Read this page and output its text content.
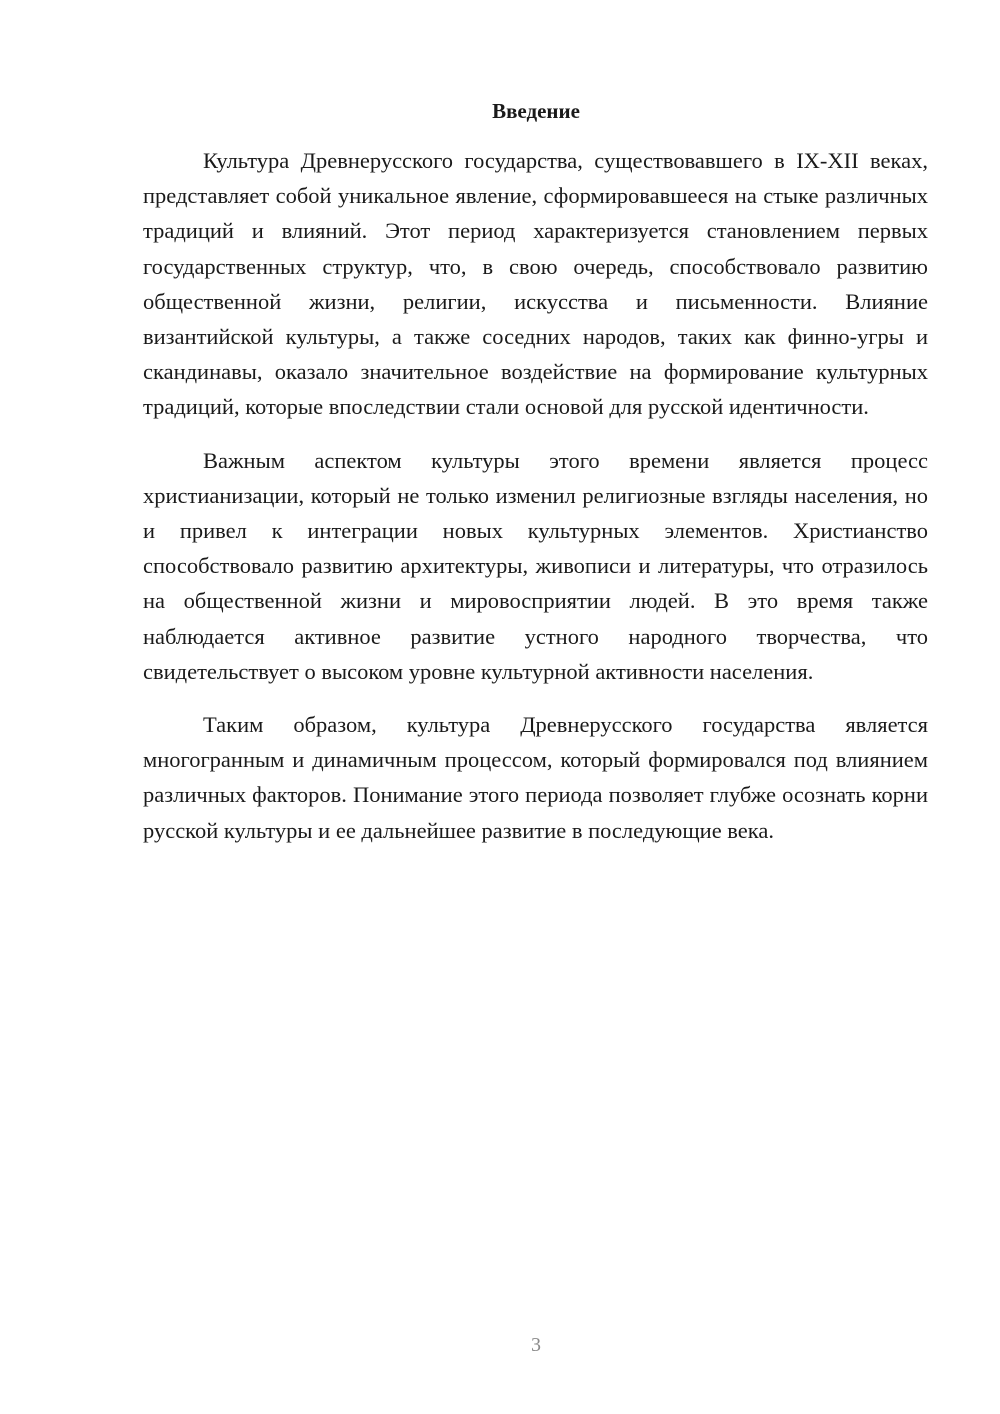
Введение

Культура Древнерусского государства, существовавшего в IX-XII веках, представляет собой уникальное явление, сформировавшееся на стыке различных традиций и влияний. Этот период характеризуется становлением первых государственных структур, что, в свою очередь, способствовало развитию общественной жизни, религии, искусства и письменности. Влияние византийской культуры, а также соседних народов, таких как финно-угры и скандинавы, оказало значительное воздействие на формирование культурных традиций, которые впоследствии стали основой для русской идентичности.

Важным аспектом культуры этого времени является процесс христианизации, который не только изменил религиозные взгляды населения, но и привел к интеграции новых культурных элементов. Христианство способствовало развитию архитектуры, живописи и литературы, что отразилось на общественной жизни и мировосприятии людей. В это время также наблюдается активное развитие устного народного творчества, что свидетельствует о высоком уровне культурной активности населения.

Таким образом, культура Древнерусского государства является многогранным и динамичным процессом, который формировался под влиянием различных факторов. Понимание этого периода позволяет глубже осознать корни русской культуры и ее дальнейшее развитие в последующие века.

3
